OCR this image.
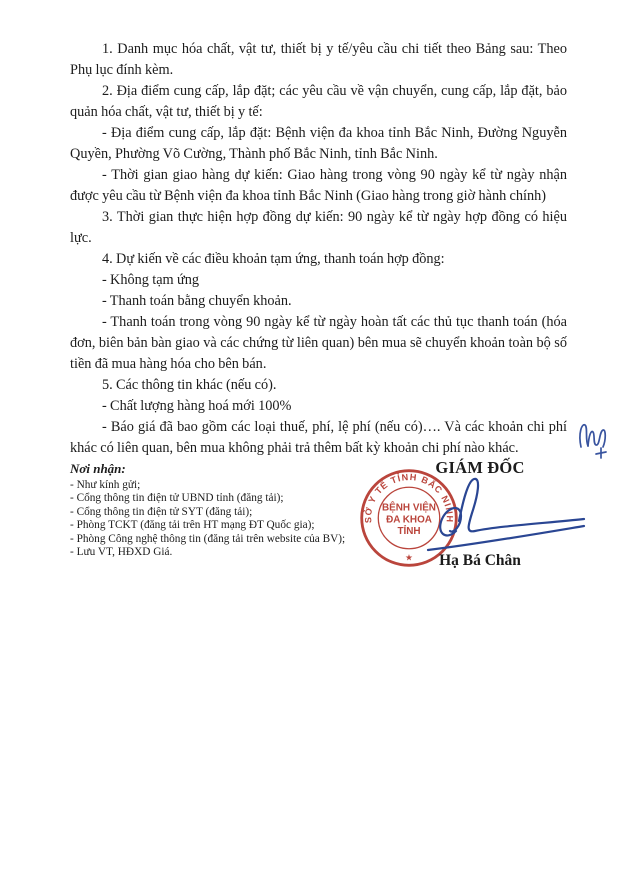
1. Danh mục hóa chất, vật tư, thiết bị y tế/yêu cầu chi tiết theo Bảng sau: Theo Phụ lục đính kèm.

2. Địa điểm cung cấp, lắp đặt; các yêu cầu về vận chuyển, cung cấp, lắp đặt, bảo quản hóa chất, vật tư, thiết bị y tế:

- Địa điểm cung cấp, lắp đặt: Bệnh viện đa khoa tỉnh Bắc Ninh, Đường Nguyễn Quyền, Phường Võ Cường, Thành phố Bắc Ninh, tỉnh Bắc Ninh.

- Thời gian giao hàng dự kiến: Giao hàng trong vòng 90 ngày kể từ ngày nhận được yêu cầu từ Bệnh viện đa khoa tỉnh Bắc Ninh (Giao hàng trong giờ hành chính)

3. Thời gian thực hiện hợp đồng dự kiến: 90 ngày kể từ ngày hợp đồng có hiệu lực.

4. Dự kiến về các điều khoản tạm ứng, thanh toán hợp đồng:

- Không tạm ứng

- Thanh toán bằng chuyển khoản.

- Thanh toán trong vòng 90 ngày kể từ ngày hoàn tất các thủ tục thanh toán (hóa đơn, biên bản bàn giao và các chứng từ liên quan) bên mua sẽ chuyển khoản toàn bộ số tiền đã mua hàng hóa cho bên bán.

5. Các thông tin khác (nếu có).

- Chất lượng hàng hoá mới 100%

- Báo giá đã bao gồm các loại thuế, phí, lệ phí (nếu có)…. Và các khoản chi phí khác có liên quan, bên mua không phải trả thêm bất kỳ khoản chi phí nào khác.

Nơi nhận:
- Như kính gửi;
- Cổng thông tin điện tử UBND tỉnh (đăng tải);
- Cổng thông tin điện tử SYT (đăng tải);
- Phòng TCKT (đăng tải trên HT mạng ĐT Quốc gia);
- Phòng Công nghệ thông tin (đăng tải trên website của BV);
- Lưu VT, HĐXD Giá.
GIÁM ĐỐC
SỞ Y TẾ TỈNH BẮC NINH
BỆNH VIỆN
ĐA KHOA
TỈNH
★	Hạ Bá Chân
